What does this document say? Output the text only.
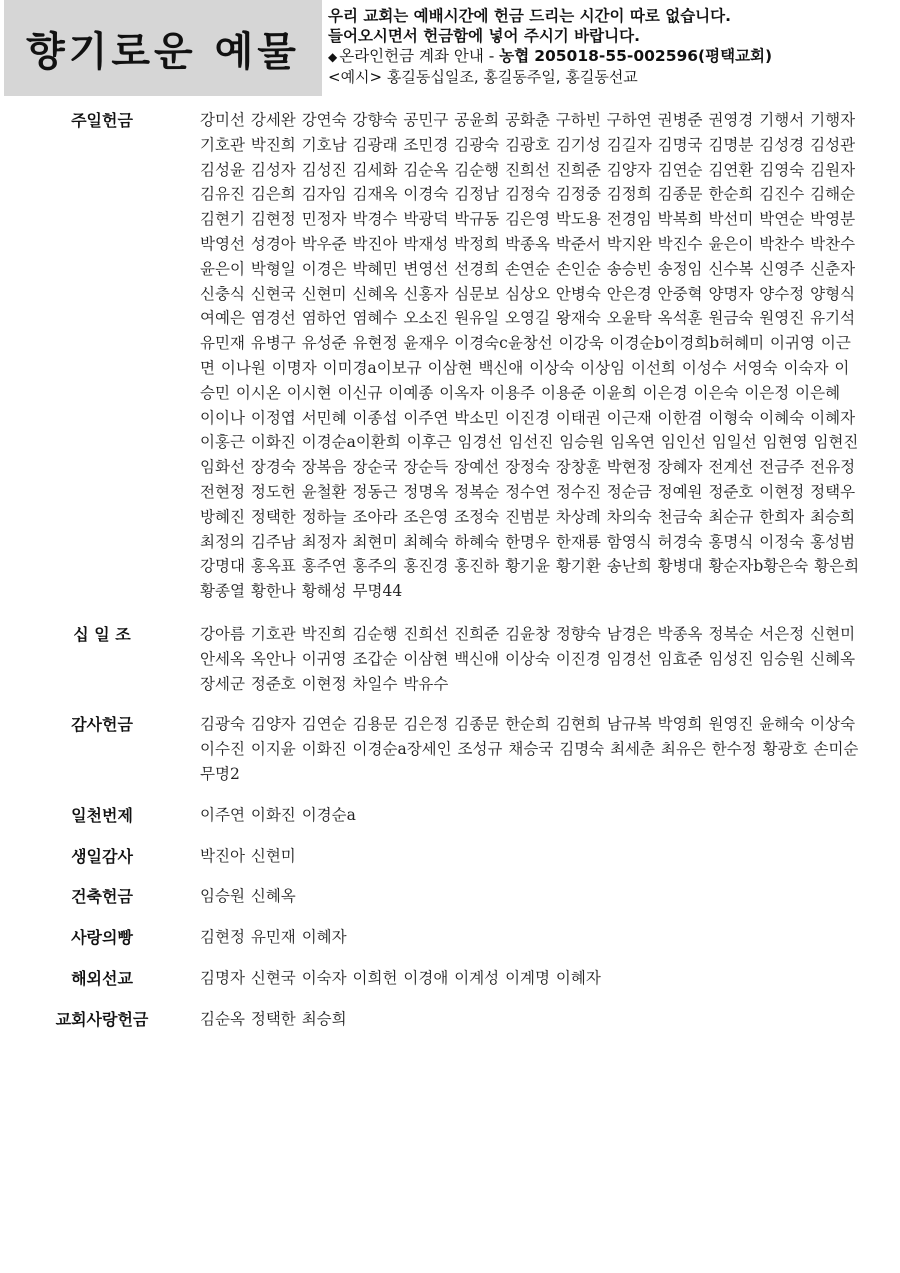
향기로운 예물
우리 교회는 예배시간에 헌금 드리는 시간이 따로 없습니다.
들어오시면서 헌금함에 넣어 주시기 바랍니다.
◆ 온라인헌금 계좌 안내 - 농협 205018-55-002596(평택교회)
<예시> 홍길동십일조, 홍길동주일, 홍길동선교
주일헌금	강미선 강세완 강연숙 강향숙 공민구 공윤희 공화춘 구하빈 구하연 권병준 권영경 기행서 기행자 기호관 박진희 기호남 김광래 조민경 김광숙 김광호 김기성 김길자 김명국 김명분 김성경 김성관 김성윤 김성자 김성진 김세화 김순옥 김순행 진희선 진희준 김양자 김연순 김연환 김영숙 김원자 김유진 김은희 김자임 김재옥 이경숙 김정남 김정숙 김정중 김정희 김종문 한순희 김진수 김해순 김현기 김현정 민정자 박경수 박광덕 박규동 김은영 박도용 전경임 박복희 박선미 박연순 박영분 박영선 성경아 박우준 박진아 박재성 박정희 박종옥 박준서 박지완 박진수 윤은이 박찬수 박찬수 윤은이 박형일 이경은 박혜민 변영선 선경희 손연순 손인순 송승빈 송정임 신수복 신영주 신춘자 신충식 신현국 신현미 신혜옥 신홍자 심문보 심상오 안병숙 안은경 안중혁 양명자 양수정 양형식 여예은 염경선 염하언 염혜수 오소진 원유일 오영길 왕재숙 오윤탁 옥석훈 원금숙 원영진 유기석 유민재 유병구 유성준 유현정 윤재우 이경숙c윤창선 이강욱 이경순b이경희b허혜미 이귀영 이근면 이나원 이명자 이미경a이보규 이삼현 백신애 이상숙 이상임 이선희 이성수 서영숙 이숙자 이승민 이시온 이시현 이신규 이예종 이옥자 이용주 이용준 이윤희 이은경 이은숙 이은정 이은혜 이이나 이정엽 서민혜 이종섭 이주연 박소민 이진경 이태권 이근재 이한겸 이형숙 이혜숙 이혜자 이홍근 이화진 이경순a이환희 이후근 임경선 임선진 임승원 임옥연 임인선 임일선 임현영 임현진 임화선 장경숙 장복음 장순국 장순득 장예선 장정숙 장창훈 박현정 장혜자 전계선 전금주 전유정 전현정 정도헌 윤철환 정동근 정명옥 정복순 정수연 정수진 정순금 정예원 정준호 이현정 정택우 방혜진 정택한 정하늘 조아라 조은영 조정숙 진범분 차상례 차의숙 천금숙 최순규 한희자 최승희 최정의 김주남 최정자 최현미 최혜숙 하혜숙 한명우 한재룡 함영식 허경숙 홍명식 이정숙 홍성범 강명대 홍옥표 홍주연 홍주의 홍진경 홍진하 황기윤 황기환 송난희 황병대 황순자b황은숙 황은희 황종열 황한나 황해성 무명44
십 일 조	강아름 기호관 박진희 김순행 진희선 진희준 김윤창 정향숙 남경은 박종옥 정복순 서은정 신현미 안세옥 옥안나 이귀영 조갑순 이삼현 백신애 이상숙 이진경 임경선 임효준 임성진 임승원 신혜옥 장세군 정준호 이현정 차일수 박유수
감사헌금	김광숙 김양자 김연순 김용문 김은정 김종문 한순희 김현희 남규복 박영희 원영진 윤해숙 이상숙 이수진 이지윤 이화진 이경순a장세인 조성규 채승국 김명숙 최세춘 최유은 한수정 황광호 손미순 무명2
일천번제	이주연 이화진 이경순a
생일감사	박진아 신현미
건축헌금	임승원 신혜옥
사랑의빵	김현정 유민재 이혜자
해외선교	김명자 신현국 이숙자 이희헌 이경애 이계성 이계명 이혜자
교회사랑헌금	김순옥 정택한 최승희
